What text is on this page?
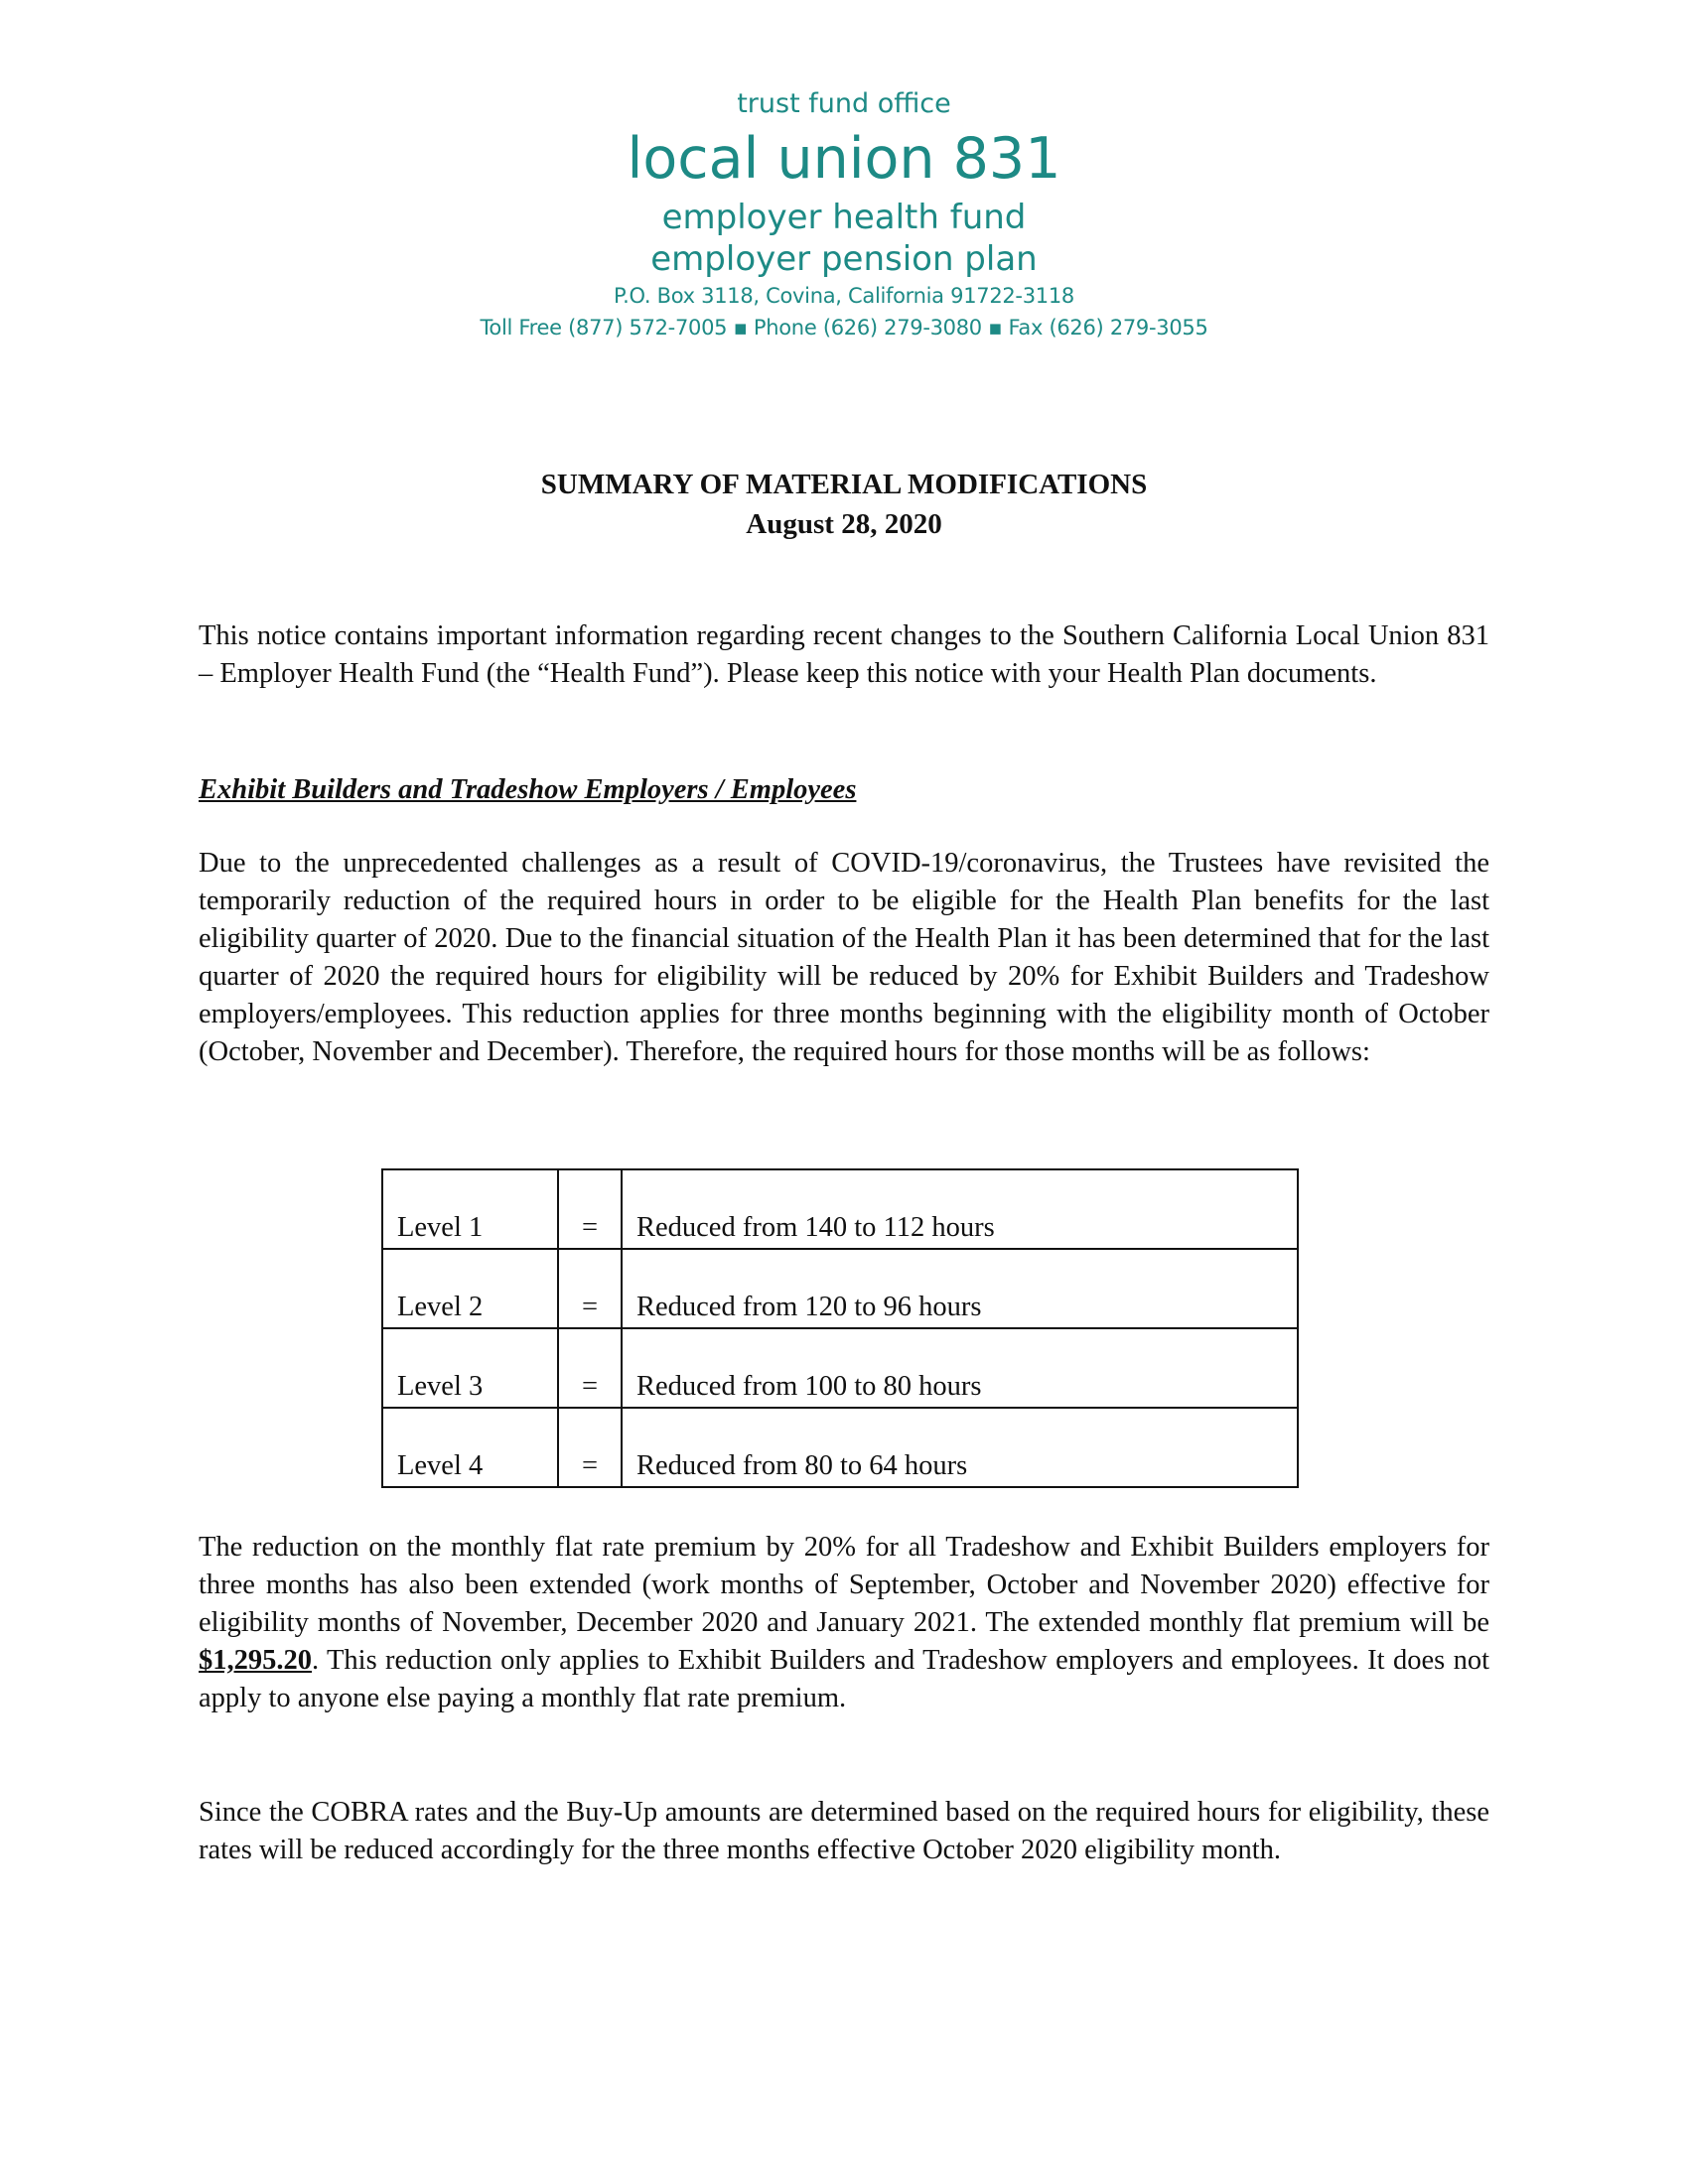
trust fund office
local union 831
employer health fund
employer pension plan
P.O. Box 3118, Covina, California 91722-3118
Toll Free (877) 572-7005 ▪ Phone (626) 279-3080 ▪ Fax (626) 279-3055
SUMMARY OF MATERIAL MODIFICATIONS
August 28, 2020

This notice contains important information regarding recent changes to the Southern California Local Union 831 – Employer Health Fund (the “Health Fund”). Please keep this notice with your Health Plan documents.

Exhibit Builders and Tradeshow Employers / Employees

Due to the unprecedented challenges as a result of COVID-19/coronavirus, the Trustees have revisited the temporarily reduction of the required hours in order to be eligible for the Health Plan benefits for the last eligibility quarter of 2020. Due to the financial situation of the Health Plan it has been determined that for the last quarter of 2020 the required hours for eligibility will be reduced by 20% for Exhibit Builders and Tradeshow employers/employees. This reduction applies for three months beginning with the eligibility month of October (October, November and December). Therefore, the required hours for those months will be as follows:

Level 1	=	Reduced from 140 to 112 hours
Level 2	=	Reduced from 120 to 96 hours
Level 3	=	Reduced from 100 to 80 hours
Level 4	=	Reduced from 80 to 64 hours

The reduction on the monthly flat rate premium by 20% for all Tradeshow and Exhibit Builders employers for three months has also been extended (work months of September, October and November 2020) effective for eligibility months of November, December 2020 and January 2021. The extended monthly flat premium will be $1,295.20. This reduction only applies to Exhibit Builders and Tradeshow employers and employees. It does not apply to anyone else paying a monthly flat rate premium.

Since the COBRA rates and the Buy-Up amounts are determined based on the required hours for eligibility, these rates will be reduced accordingly for the three months effective October 2020 eligibility month.
